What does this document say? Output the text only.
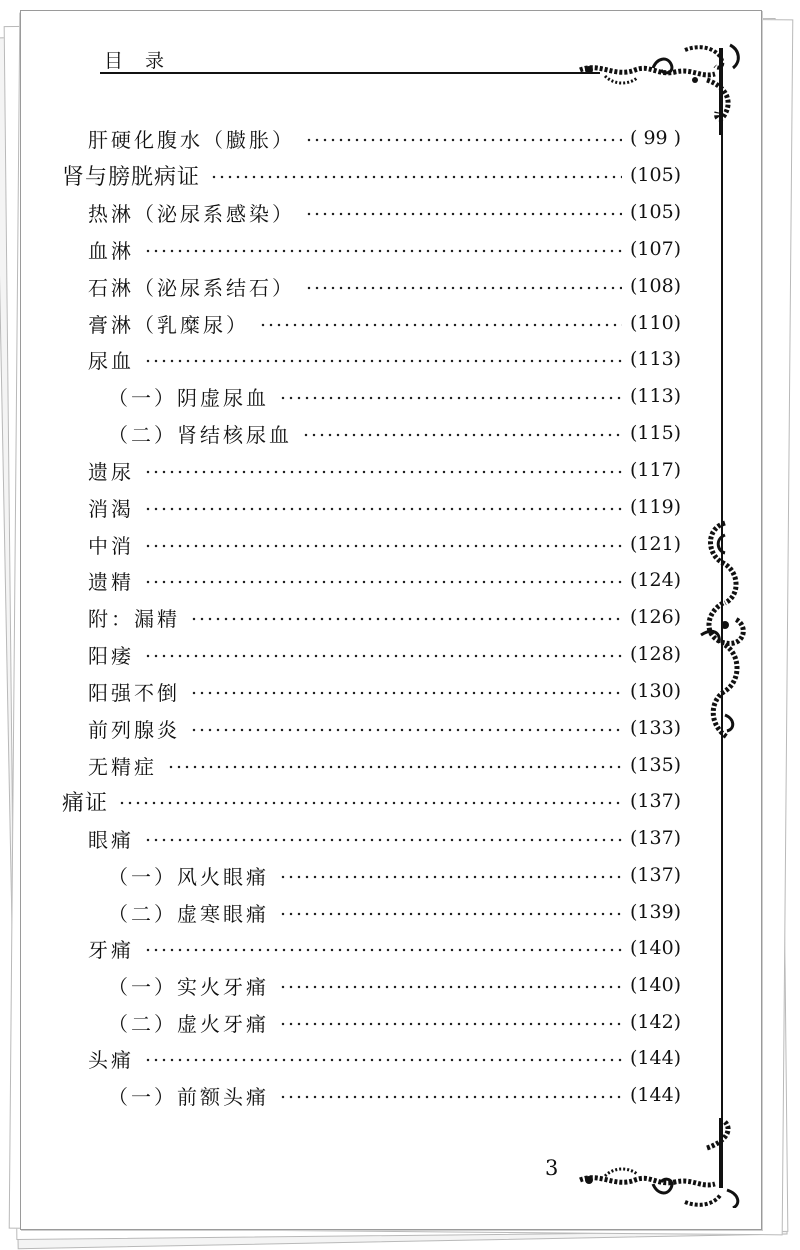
目录
肝硬化腹水（臌胀）	( 99 )
肾与膀胱病证	(105)
热淋（泌尿系感染）	(105)
血淋	(107)
石淋（泌尿系结石）	(108)
膏淋（乳糜尿）	(110)
尿血	(113)
（一）阴虚尿血	(113)
（二）肾结核尿血	(115)
遗尿	(117)
消渴	(119)
中消	(121)
遗精	(124)
附：漏精	(126)
阳痿	(128)
阳强不倒	(130)
前列腺炎	(133)
无精症	(135)
痛证	(137)
眼痛	(137)
（一）风火眼痛	(137)
（二）虚寒眼痛	(139)
牙痛	(140)
（一）实火牙痛	(140)
（二）虚火牙痛	(142)
头痛	(144)
（一）前额头痛	(144)
3
